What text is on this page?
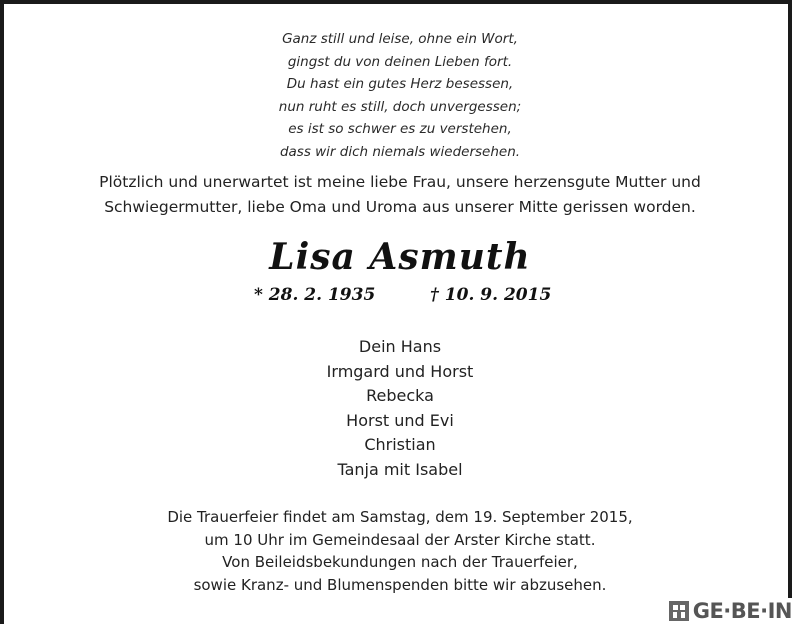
Ganz still und leise, ohne ein Wort,
gingst du von deinen Lieben fort.
Du hast ein gutes Herz besessen,
nun ruht es still, doch unvergessen;
es ist so schwer es zu verstehen,
dass wir dich niemals wiedersehen.
Plötzlich und unerwartet ist meine liebe Frau, unsere herzensgute Mutter und
Schwiegermutter, liebe Oma und Uroma aus unserer Mitte gerissen worden.
Lisa Asmuth
* 28. 2. 1935	† 10. 9. 2015
Dein Hans
Irmgard und Horst
Rebecka
Horst und Evi
Christian
Tanja mit Isabel
Die Trauerfeier findet am Samstag, dem 19. September 2015,
um 10 Uhr im Gemeindesaal der Arster Kirche statt.
Von Beileidsbekundungen nach der Trauerfeier,
sowie Kranz- und Blumenspenden bitte wir abzusehen.
GE·BE·IN
